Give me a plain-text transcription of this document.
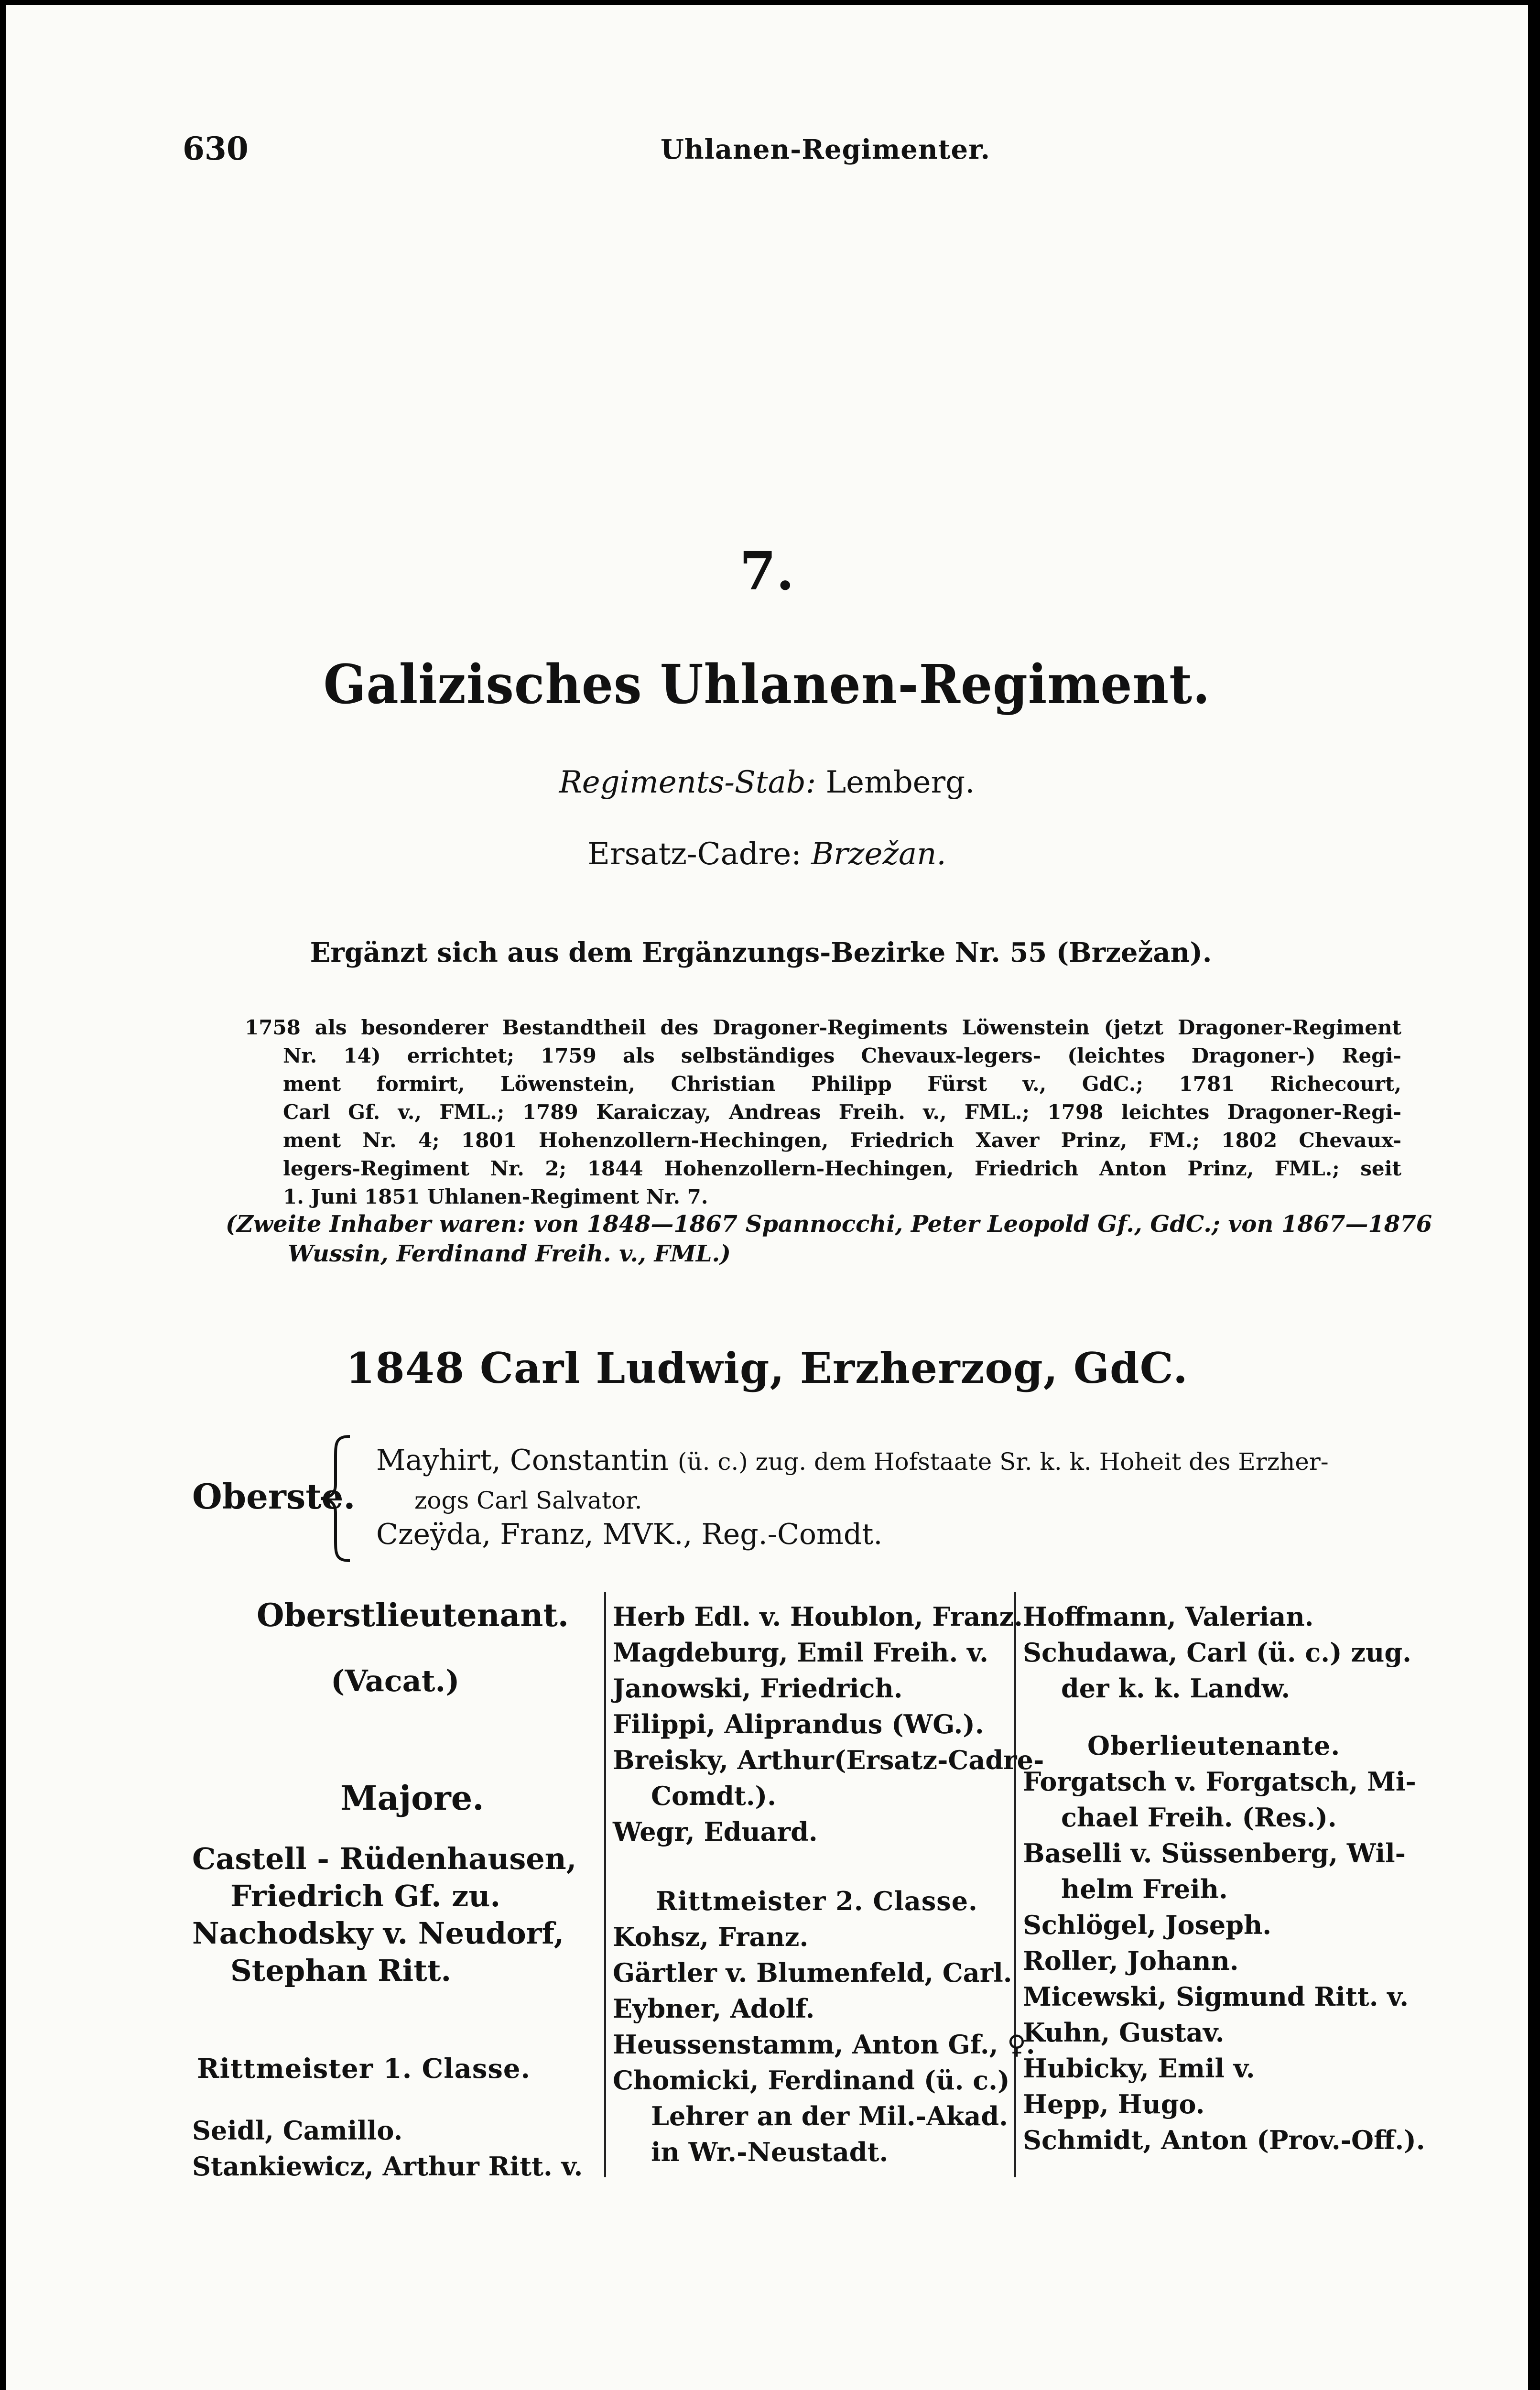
630	Uhlanen-Regimenter.
7.
Galizisches Uhlanen-Regiment.
Regiments-Stab: Lemberg.
Ersatz-Cadre: Brzežan.
Ergänzt sich aus dem Ergänzungs-Bezirke Nr. 55 (Brzežan).
1758 als besonderer Bestandtheil des Dragoner-Regiments Löwenstein (jetzt Dragoner-Regiment
Nr. 14) errichtet; 1759 als selbständiges Chevaux-legers- (leichtes Dragoner-) Regi-
ment formirt, Löwenstein, Christian Philipp Fürst v., GdC.; 1781 Richecourt,
Carl Gf. v., FML.; 1789 Karaiczay, Andreas Freih. v., FML.; 1798 leichtes Dragoner-Regi-
ment Nr. 4; 1801 Hohenzollern-Hechingen, Friedrich Xaver Prinz, FM.; 1802 Chevaux-
legers-Regiment Nr. 2; 1844 Hohenzollern-Hechingen, Friedrich Anton Prinz, FML.; seit
1. Juni 1851 Uhlanen-Regiment Nr. 7.
(Zweite Inhaber waren: von 1848—1867 Spannocchi, Peter Leopold Gf., GdC.; von 1867—1876
Wussin, Ferdinand Freih. v., FML.)
1848 Carl Ludwig, Erzherzog, GdC.
Oberste.
Mayhirt, Constantin (ü. c.) zug. dem Hofstaate Sr. k. k. Hoheit des Erzher-
zogs Carl Salvator.
Czeÿda, Franz, MVK., Reg.-Comdt.
Oberstlieutenant.
(Vacat.)
Majore.
Castell - Rüdenhausen,
Friedrich Gf. zu.
Nachodsky v. Neudorf,
Stephan Ritt.
Rittmeister 1. Classe.
Seidl, Camillo.
Stankiewicz, Arthur Ritt. v.
Herb Edl. v. Houblon, Franz.
Magdeburg, Emil Freih. v.
Janowski, Friedrich.
Filippi, Aliprandus (WG.).
Breisky, Arthur(Ersatz-Cadre-
Comdt.).
Wegr, Eduard.
Rittmeister 2. Classe.
Kohsz, Franz.
Gärtler v. Blumenfeld, Carl.
Eybner, Adolf.
Heussenstamm, Anton Gf., ♀.
Chomicki, Ferdinand (ü. c.)
Lehrer an der Mil.-Akad.
in Wr.-Neustadt.
Hoffmann, Valerian.
Schudawa, Carl (ü. c.) zug.
der k. k. Landw.
Oberlieutenante.
Forgatsch v. Forgatsch, Mi-
chael Freih. (Res.).
Baselli v. Süssenberg, Wil-
helm Freih.
Schlögel, Joseph.
Roller, Johann.
Micewski, Sigmund Ritt. v.
Kuhn, Gustav.
Hubicky, Emil v.
Hepp, Hugo.
Schmidt, Anton (Prov.-Off.).
